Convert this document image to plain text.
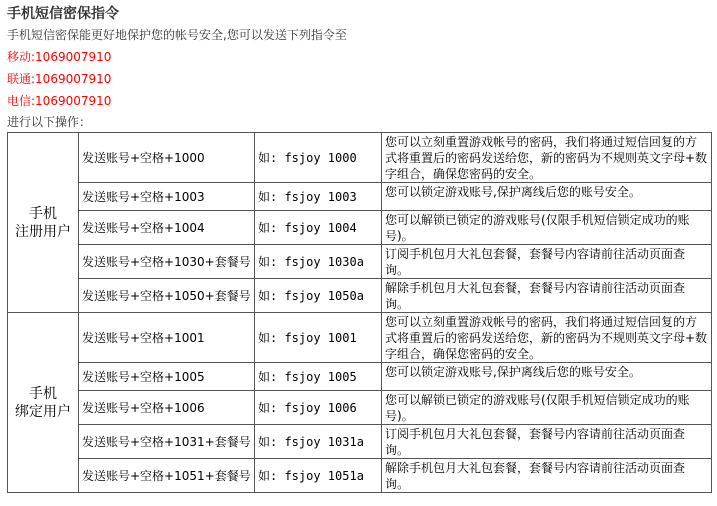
手机短信密保指令
手机短信密保能更好地保护您的帐号安全,您可以发送下列指令至
移动:1069007910
联通:1069007910
电信:1069007910
进行以下操作：
手机
注册用户	发送账号+空格+1000	如: fsjoy 1000	您可以立刻重置游戏帐号的密码，我们将通过短信回复的方式将重置后的密码发送给您，新的密码为不规则英文字母+数字组合，确保您密码的安全。
	发送账号+空格+1003	如: fsjoy 1003	您可以锁定游戏账号,保护离线后您的账号安全。
	发送账号+空格+1004	如: fsjoy 1004	您可以解锁已锁定的游戏账号(仅限手机短信锁定成功的账号)。
	发送账号+空格+1030+套餐号	如: fsjoy 1030a	订阅手机包月大礼包套餐，套餐号内容请前往活动页面查询。
	发送账号+空格+1050+套餐号	如: fsjoy 1050a	解除手机包月大礼包套餐，套餐号内容请前往活动页面查询。

手机
绑定用户	发送账号+空格+1001	如: fsjoy 1001	您可以立刻重置游戏帐号的密码，我们将通过短信回复的方式将重置后的密码发送给您，新的密码为不规则英文字母+数字组合，确保您密码的安全。
	发送账号+空格+1005	如: fsjoy 1005	您可以锁定游戏账号,保护离线后您的账号安全。
	发送账号+空格+1006	如: fsjoy 1006	您可以解锁已锁定的游戏账号(仅限手机短信锁定成功的账号)。
	发送账号+空格+1031+套餐号	如: fsjoy 1031a	订阅手机包月大礼包套餐，套餐号内容请前往活动页面查询。
	发送账号+空格+1051+套餐号	如: fsjoy 1051a	解除手机包月大礼包套餐，套餐号内容请前往活动页面查询。
